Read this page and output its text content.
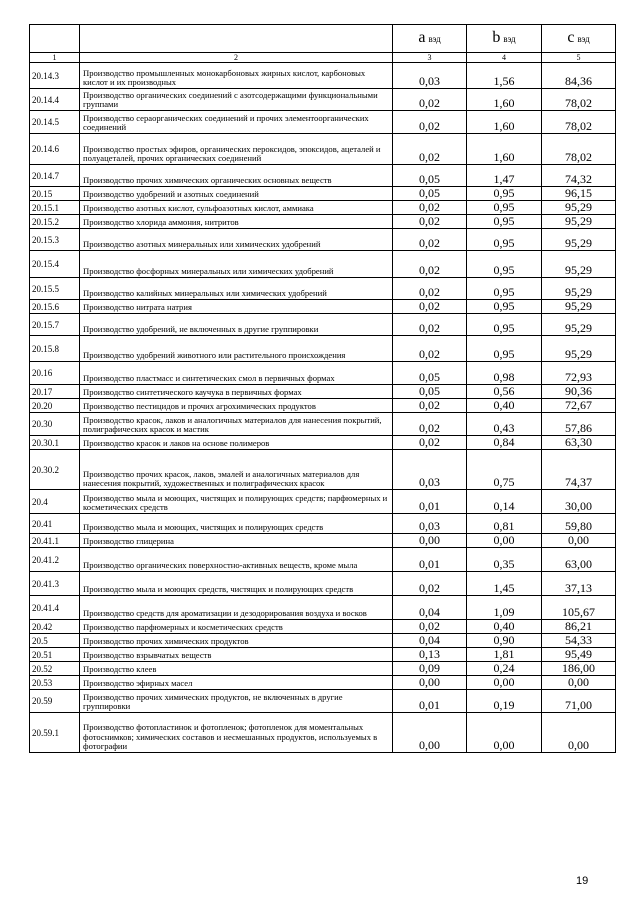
		a вэд	b вэд	c вэд
1	2	3	4	5
20.14.3	Производство промышленных монокарбоновых жирных кислот, карбоновых кислот и их производных	0,03	1,56	84,36
20.14.4	Производство органических соединений с азотсодержащими функциональными группами	0,02	1,60	78,02
20.14.5	Производство сераорганических соединений и прочих элементоорганических соединений	0,02	1,60	78,02
20.14.6	Производство простых эфиров, органических пероксидов, эпоксидов, ацеталей и полуацеталей, прочих органических соединений	0,02	1,60	78,02
20.14.7	Производство прочих химических органических основных веществ	0,05	1,47	74,32
20.15	Производство удобрений и азотных соединений	0,05	0,95	96,15
20.15.1	Производство азотных кислот, сульфоазотных кислот, аммиака	0,02	0,95	95,29
20.15.2	Производство хлорида аммония, нитритов	0,02	0,95	95,29
20.15.3	Производство азотных минеральных или химических удобрений	0,02	0,95	95,29
20.15.4	Производство фосфорных минеральных или химических удобрений	0,02	0,95	95,29
20.15.5	Производство калийных минеральных или химических удобрений	0,02	0,95	95,29
20.15.6	Производство нитрата натрия	0,02	0,95	95,29
20.15.7	Производство удобрений, не включенных в другие группировки	0,02	0,95	95,29
20.15.8	Производство удобрений животного или растительного происхождения	0,02	0,95	95,29
20.16	Производство пластмасс и синтетических смол в первичных формах	0,05	0,98	72,93
20.17	Производство синтетического каучука в первичных формах	0,05	0,56	90,36
20.20	Производство пестицидов и прочих агрохимических продуктов	0,02	0,40	72,67
20.30	Производство красок, лаков и аналогичных материалов для нанесения покрытий, полиграфических красок и мастик	0,02	0,43	57,86
20.30.1	Производство красок и лаков на основе полимеров	0,02	0,84	63,30
20.30.2	Производство прочих красок, лаков, эмалей и аналогичных материалов для нанесения покрытий, художественных и полиграфических красок	0,03	0,75	74,37
20.4	Производство мыла и моющих, чистящих и полирующих средств; парфюмерных и косметических средств	0,01	0,14	30,00
20.41	Производство мыла и моющих, чистящих и полирующих средств	0,03	0,81	59,80
20.41.1	Производство глицерина	0,00	0,00	0,00
20.41.2	Производство органических поверхностно-активных веществ, кроме мыла	0,01	0,35	63,00
20.41.3	Производство мыла и моющих средств, чистящих и полирующих средств	0,02	1,45	37,13
20.41.4	Производство средств для ароматизации и дезодорирования воздуха и восков	0,04	1,09	105,67
20.42	Производство парфюмерных и косметических средств	0,02	0,40	86,21
20.5	Производство прочих химических продуктов	0,04	0,90	54,33
20.51	Производство взрывчатых веществ	0,13	1,81	95,49
20.52	Производство клеев	0,09	0,24	186,00
20.53	Производство эфирных масел	0,00	0,00	0,00
20.59	Производство прочих химических продуктов, не включенных в другие группировки	0,01	0,19	71,00
20.59.1	Производство фотопластинок и фотопленок; фотопленок для моментальных фотоснимков; химических составов и несмешанных продуктов, используемых в фотографии	0,00	0,00	0,00
19
